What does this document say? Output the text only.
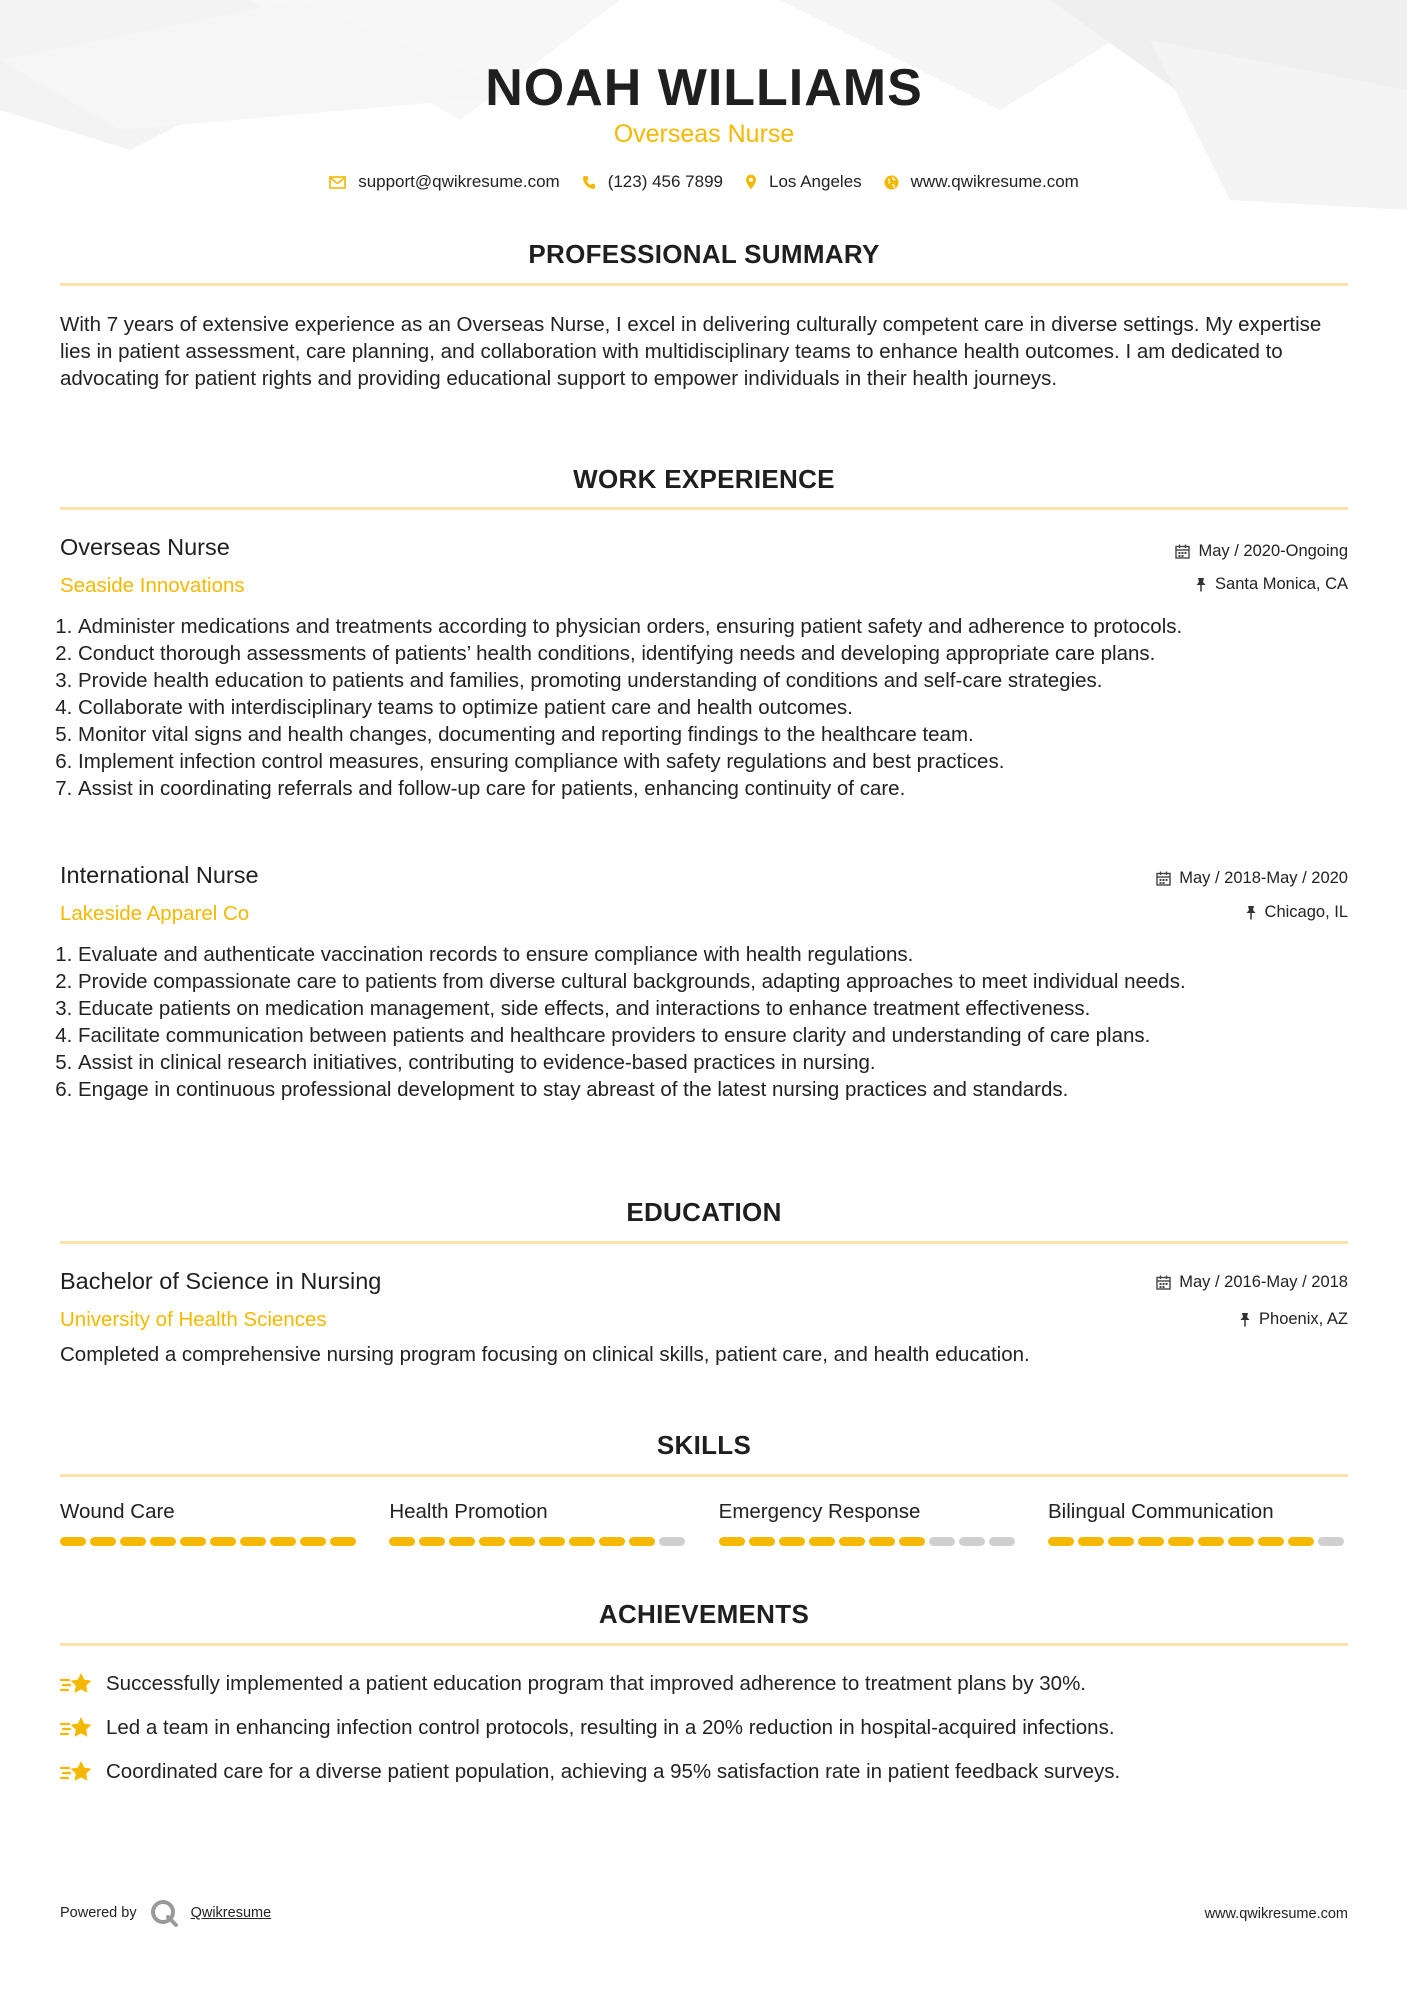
NOAH WILLIAMS
Overseas Nurse
support@qwikresume.com	(123) 456 7899	Los Angeles	www.qwikresume.com
PROFESSIONAL SUMMARY
With 7 years of extensive experience as an Overseas Nurse, I excel in delivering culturally competent care in diverse settings. My expertise lies in patient assessment, care planning, and collaboration with multidisciplinary teams to enhance health outcomes. I am dedicated to advocating for patient rights and providing educational support to empower individuals in their health journeys.
WORK EXPERIENCE
Overseas Nurse	May / 2020-Ongoing
Seaside Innovations	Santa Monica, CA
1. Administer medications and treatments according to physician orders, ensuring patient safety and adherence to protocols.
2. Conduct thorough assessments of patients’ health conditions, identifying needs and developing appropriate care plans.
3. Provide health education to patients and families, promoting understanding of conditions and self-care strategies.
4. Collaborate with interdisciplinary teams to optimize patient care and health outcomes.
5. Monitor vital signs and health changes, documenting and reporting findings to the healthcare team.
6. Implement infection control measures, ensuring compliance with safety regulations and best practices.
7. Assist in coordinating referrals and follow-up care for patients, enhancing continuity of care.
International Nurse	May / 2018-May / 2020
Lakeside Apparel Co	Chicago, IL
1. Evaluate and authenticate vaccination records to ensure compliance with health regulations.
2. Provide compassionate care to patients from diverse cultural backgrounds, adapting approaches to meet individual needs.
3. Educate patients on medication management, side effects, and interactions to enhance treatment effectiveness.
4. Facilitate communication between patients and healthcare providers to ensure clarity and understanding of care plans.
5. Assist in clinical research initiatives, contributing to evidence-based practices in nursing.
6. Engage in continuous professional development to stay abreast of the latest nursing practices and standards.
EDUCATION
Bachelor of Science in Nursing	May / 2016-May / 2018
University of Health Sciences	Phoenix, AZ
Completed a comprehensive nursing program focusing on clinical skills, patient care, and health education.
SKILLS
Wound Care	Health Promotion	Emergency Response	Bilingual Communication
ACHIEVEMENTS
Successfully implemented a patient education program that improved adherence to treatment plans by 30%.
Led a team in enhancing infection control protocols, resulting in a 20% reduction in hospital-acquired infections.
Coordinated care for a diverse patient population, achieving a 95% satisfaction rate in patient feedback surveys.
Powered by	Qwikresume	www.qwikresume.com
